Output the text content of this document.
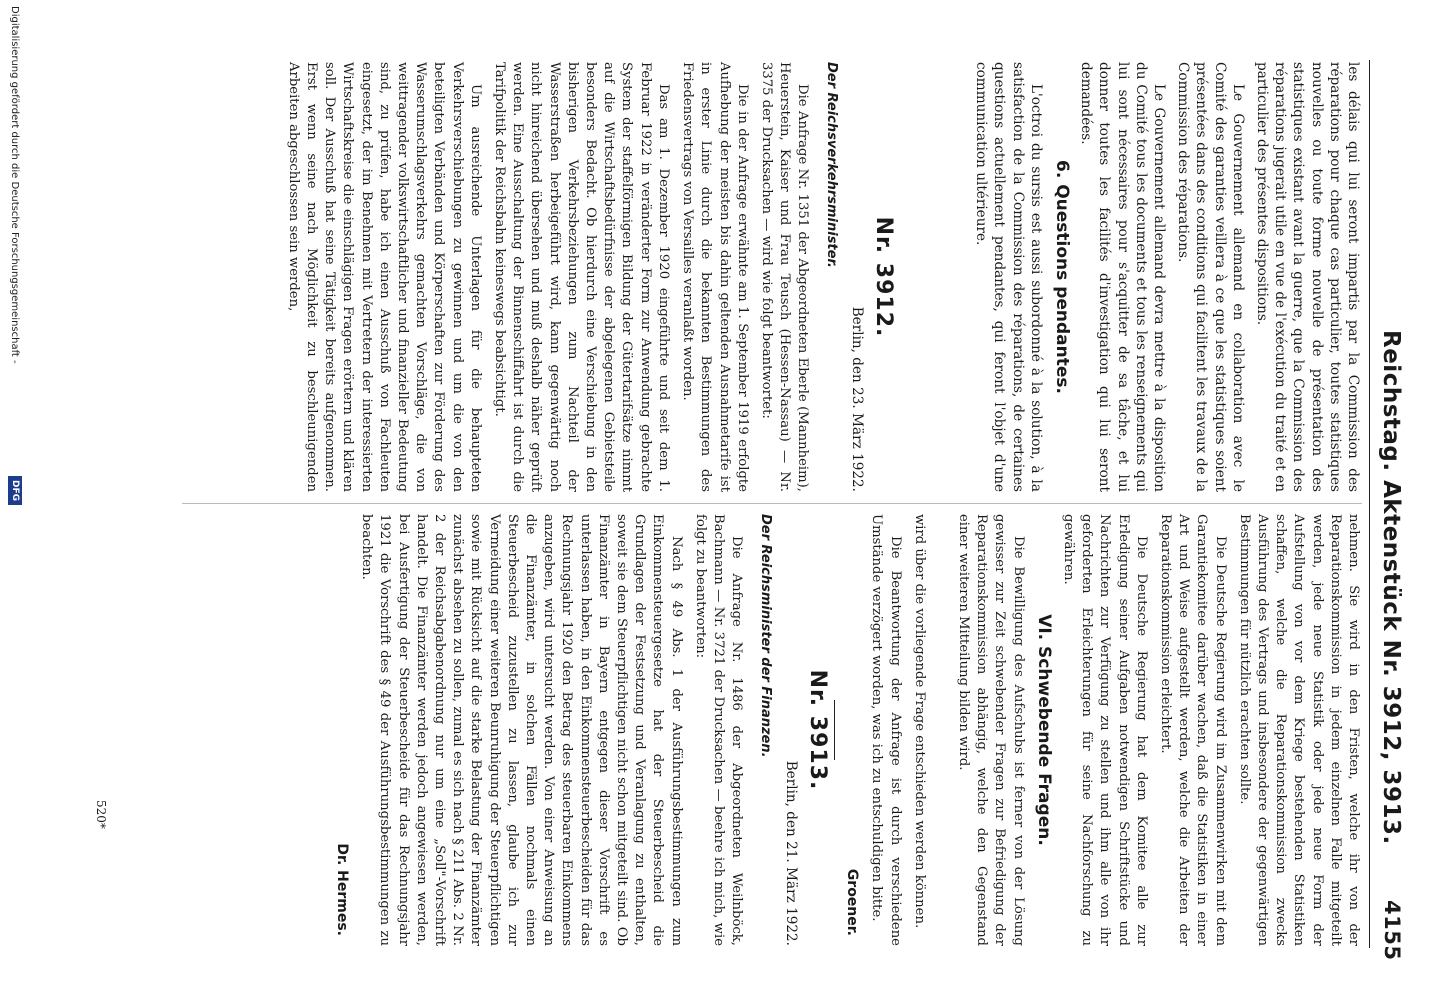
Reichstag. Aktenstück Nr. 3912, 3913.
4155

les délais qui lui seront impartis par la Commission des réparations pour chaque cas particulier, toutes statistiques nouvelles ou toute forme nouvelle de présentation des statistiques existant avant la guerre, que la Commission des réparations jugerait utile en vue de l'exécution du traité et en particulier des présentes dispositions.

Le Gouvernement allemand en collaboration avec le Comité des garanties veillera à ce que les statistiques soient présentées dans des conditions qui facilitent les travaux de la Commission des réparations.

Le Gouvernement allemand devra mettre à la disposition du Comité tous les documents et tous les renseignements qui lui sont nécessaires pour s'acquitter de sa tâche, et lui donner toutes les facilités d'investigation qui lui seront demandées.

6. Questions pendantes.

L'octroi du sursis est aussi subordonné à la solution, à la satisfaction de la Commission des réparations, de certaines questions actuellement pendantes, qui feront l'objet d'une communication ultérieure.

Nr. 3912.

Berlin, den 23. März 1922.

Der Reichsverkehrsminister.

Die Anfrage Nr. 1351 der Abgeordneten Eberle (Mannheim), Heuerstein, Kaiser und Frau Teusch (Hessen-Nassau) — Nr. 3375 der Drucksachen — wird wie folgt beantwortet:

Die in der Anfrage erwähnte am 1. September 1919 erfolgte Aufhebung der meisten bis dahin geltenden Ausnahmetarife ist in erster Linie durch die bekannten Bestimmungen des Friedensvertrags von Versailles veranlaßt worden.

Das am 1. Dezember 1920 eingeführte und seit dem 1. Februar 1922 in veränderter Form zur Anwendung gebrachte System der staffelförmigen Bildung der Gütertarifsätze nimmt auf die Wirtschaftsbedürfnisse der abgelegenen Gebietsteile besonders Bedacht. Ob hierdurch eine Verschiebung in den bisherigen Verkehrsbeziehungen zum Nachteil der Wasserstraßen herbeigeführt wird, kann gegenwärtig noch nicht hinreichend übersehen und muß deshalb näher geprüft werden. Eine Ausschaltung der Binnenschiffahrt ist durch die Tarifpolitik der Reichsbahn keineswegs beabsichtigt.

Um ausreichende Unterlagen für die behaupteten Verkehrsverschiebungen zu gewinnen und um die von den beteiligten Verbänden und Körperschaften zur Förderung des Wasserumschlagsverkehrs gemachten Vorschläge, die von weittragender volkswirtschaftlicher und finanzieller Bedeutung sind, zu prüfen, habe ich einen Ausschuß von Fachleuten eingesetzt, der im Benehmen mit Vertretern der interessierten Wirtschaftskreise die einschlägigen Fragen erörtern und klären soll. Der Ausschuß hat seine Tätigkeit bereits aufgenommen. Erst wenn seine nach Möglichkeit zu beschleunigenden Arbeiten abgeschlossen sein werden,

nehmen. Sie wird in den Fristen, welche ihr von der Reparationskommission in jedem einzelnen Falle mitgeteilt werden, jede neue Statistik oder jede neue Form der Aufstellung von vor dem Kriege bestehenden Statistiken schaffen, welche die Reparationskommission zwecks Ausführung des Vertrags und insbesondere der gegenwärtigen Bestimmungen für nützlich erachten sollte.

Die Deutsche Regierung wird im Zusammenwirken mit dem Garantiekomitee darüber wachen, daß die Statistiken in einer Art und Weise aufgestellt werden, welche die Arbeiten der Reparationskommission erleichtert.

Die Deutsche Regierung hat dem Komitee alle zur Erledigung seiner Aufgaben notwendigen Schriftstücke und Nachrichten zur Verfügung zu stellen und ihm alle von ihr geforderten Erleichterungen für seine Nachforschung zu gewähren.

VI. Schwebende Fragen.

Die Bewilligung des Aufschubs ist ferner von der Lösung gewisser zur Zeit schwebender Fragen zur Befriedigung der Reparationskommission abhängig, welche den Gegenstand einer weiteren Mitteilung bilden wird.

wird über die vorliegende Frage entschieden werden können.

Die Beantwortung der Anfrage ist durch verschiedene Umstände verzögert worden, was ich zu entschuldigen bitte.

Groener.
Nr. 3913.

Berlin, den 21. März 1922.

Der Reichsminister der Finanzen.

Die Anfrage Nr. 1486 der Abgeordneten Weilnböck, Bachmann — Nr. 3721 der Drucksachen — beehre ich mich, wie folgt zu beantworten:

Nach § 49 Abs. 1 der Ausführungsbestimmungen zum Einkommensteuergesetze hat der Steuerbescheid die Grundlagen der Festsetzung und Veranlagung zu enthalten, soweit sie dem Steuerpflichtigen nicht schon mitgeteilt sind. Ob Finanzämter in Bayern entgegen dieser Vorschrift es unterlassen haben, in den Einkommensteuerbescheiden für das Rechnungsjahr 1920 den Betrag des steuerbaren Einkommens anzugeben, wird untersucht werden. Von einer Anweisung an die Finanzämter, in solchen Fällen nochmals einen Steuerbescheid zuzustellen zu lassen, glaube ich zur Vermeidung einer weiteren Beunruhigung der Steuerpflichtigen sowie mit Rücksicht auf die starke Belastung der Finanzämter zunächst absehen zu sollen, zumal es sich nach § 211 Abs. 2 Nr. 2 der Reichsabgabenordnung nur um eine „Soll"-Vorschrift handelt. Die Finanzämter werden jedoch angewiesen werden, bei Ausfertigung der Steuerbescheide für das Rechnungsjahr 1921 die Vorschrift des § 49 der Ausführungsbestimmungen zu beachten.

Dr. Hermes.
520*
Digitalisierung gefördert durch die Deutsche Forschungsgemeinschaft -
DFG
